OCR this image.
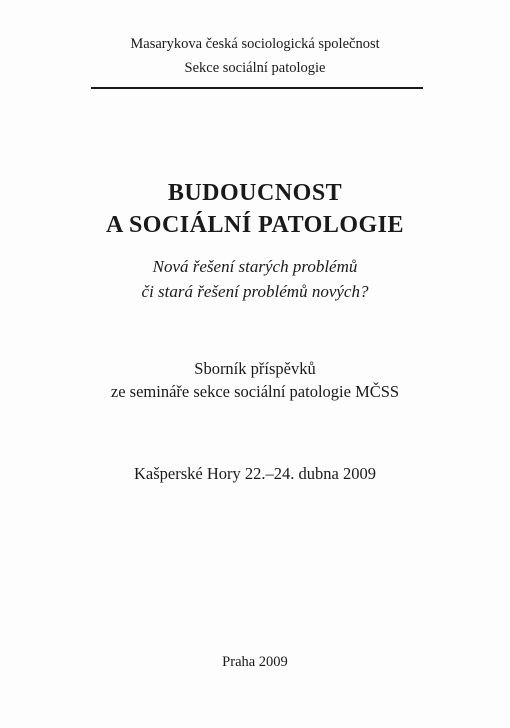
Masarykova česká sociologická společnost
Sekce sociální patologie
BUDOUCNOST
A SOCIÁLNÍ PATOLOGIE
Nová řešení starých problémů
či stará řešení problémů nových?
Sborník příspěvků
ze semináře sekce sociální patologie MČSS
Kašperské Hory 22.–24. dubna 2009
Praha 2009
